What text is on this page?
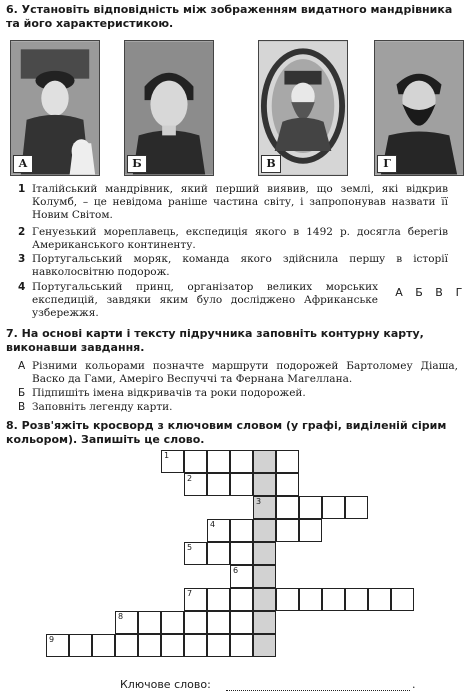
6. Установіть відповідність між зображенням видатного мандрівника та його характеристикою.
А	Б	В	Г
1 Італійський мандрівник, який перший виявив, що землі, які відкрив Колумб, – це невідома раніше частина світу, і запропонував назвати її Новим Світом.
2 Генуезький мореплавець, експедиція якого в 1492 р. досягла берегів Американського континенту.
3 Португальський моряк, команда якого здійснила першу в історії навколосвітню подорож.
4 Португальський принц, організатор великих морських експедицій, завдяки яким було досліджено Африканське узбережжя.
А Б В Г
7. На основі карти і тексту підручника заповніть контурну карту, виконавши завдання.
А Різними кольорами позначте маршрути подорожей Бартоломеу Діаша, Васко да Гами, Амеріго Веспуччі та Фернана Магеллана.
Б Підпишіть імена відкривачів та роки подорожей.
В Заповніть легенду карти.
8. Розв'яжіть кросворд з ключовим словом (у графі, виділеній сірим кольором). Запишіть це слово.
1
2
3
4
5
6
7
8
9
Ключове слово:	.
